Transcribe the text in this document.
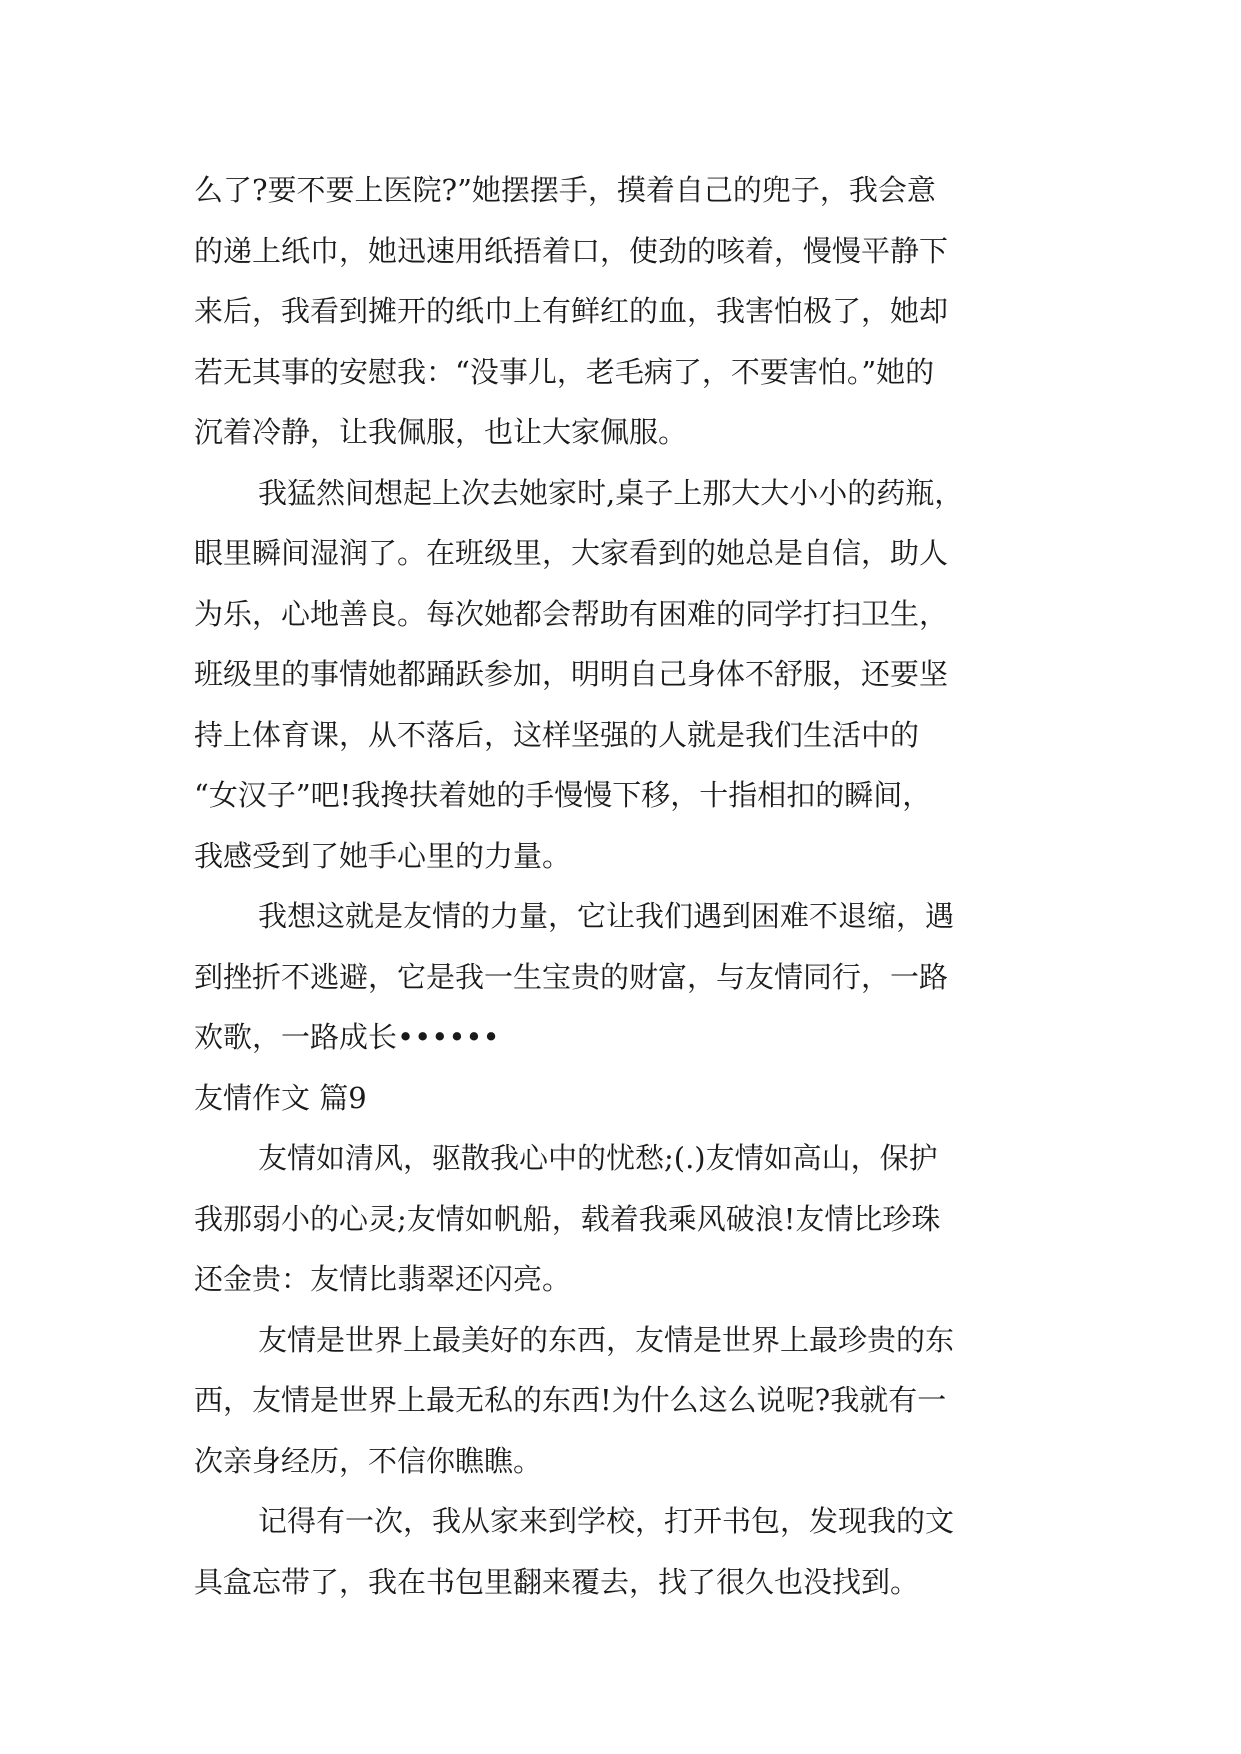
么了?要不要上医院?”她摆摆手，摸着自己的兜子，我会意
的递上纸巾，她迅速用纸捂着口，使劲的咳着，慢慢平静下
来后，我看到摊开的纸巾上有鲜红的血，我害怕极了，她却
若无其事的安慰我：“没事儿，老毛病了，不要害怕。”她的
沉着冷静，让我佩服，也让大家佩服。
我猛然间想起上次去她家时,桌子上那大大小小的药瓶，
眼里瞬间湿润了。在班级里，大家看到的她总是自信，助人
为乐，心地善良。每次她都会帮助有困难的同学打扫卫生，
班级里的事情她都踊跃参加，明明自己身体不舒服，还要坚
持上体育课，从不落后，这样坚强的人就是我们生活中的
“女汉子”吧!我搀扶着她的手慢慢下移，十指相扣的瞬间，
我感受到了她手心里的力量。
我想这就是友情的力量，它让我们遇到困难不退缩，遇
到挫折不逃避，它是我一生宝贵的财富，与友情同行，一路
欢歌，一路成长••••••
友情作文 篇9
友情如清风，驱散我心中的忧愁;(.)友情如高山，保护
我那弱小的心灵;友情如帆船，载着我乘风破浪!友情比珍珠
还金贵：友情比翡翠还闪亮。
友情是世界上最美好的东西，友情是世界上最珍贵的东
西，友情是世界上最无私的东西!为什么这么说呢?我就有一
次亲身经历，不信你瞧瞧。
记得有一次，我从家来到学校，打开书包，发现我的文
具盒忘带了，我在书包里翻来覆去，找了很久也没找到。
